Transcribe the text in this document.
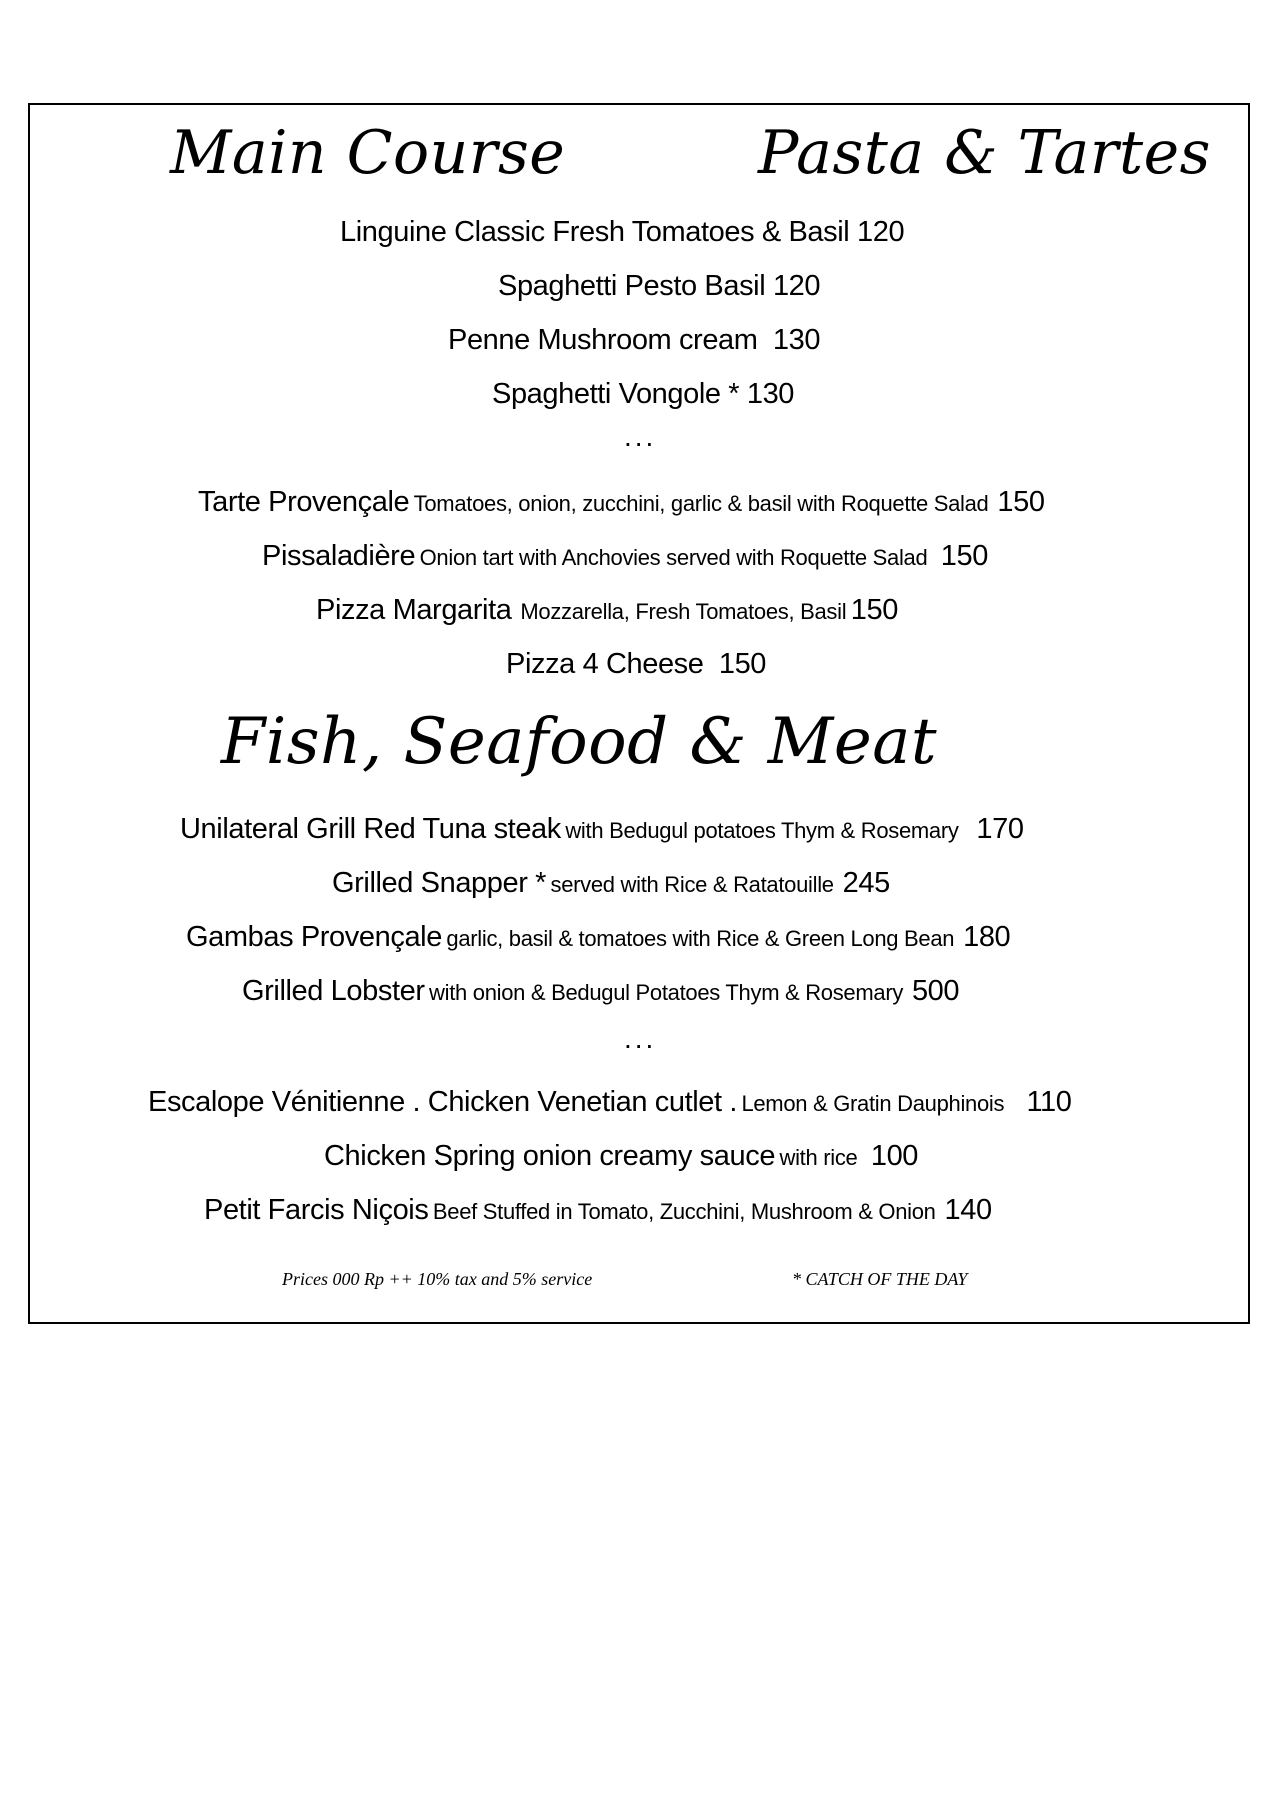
Main Course	Pasta & Tartes
Linguine Classic Fresh Tomatoes & Basil 120
Spaghetti Pesto Basil 120
Penne Mushroom cream 130
Spaghetti Vongole * 130
...
Tarte Provençale Tomatoes, onion, zucchini, garlic & basil with Roquette Salad 150
Pissaladière Onion tart with Anchovies served with Roquette Salad 150
Pizza Margarita Mozzarella, Fresh Tomatoes, Basil 150
Pizza 4 Cheese 150
Fish, Seafood & Meat
Unilateral Grill Red Tuna steak with Bedugul potatoes Thym & Rosemary 170
Grilled Snapper * served with Rice & Ratatouille 245
Gambas Provençale garlic, basil & tomatoes with Rice & Green Long Bean 180
Grilled Lobster with onion & Bedugul Potatoes Thym & Rosemary 500
...
Escalope Vénitienne . Chicken Venetian cutlet . Lemon & Gratin Dauphinois 110
Chicken Spring onion creamy sauce with rice 100
Petit Farcis Niçois Beef Stuffed in Tomato, Zucchini, Mushroom & Onion 140
Prices 000 Rp ++ 10% tax and 5% service	* CATCH OF THE DAY
